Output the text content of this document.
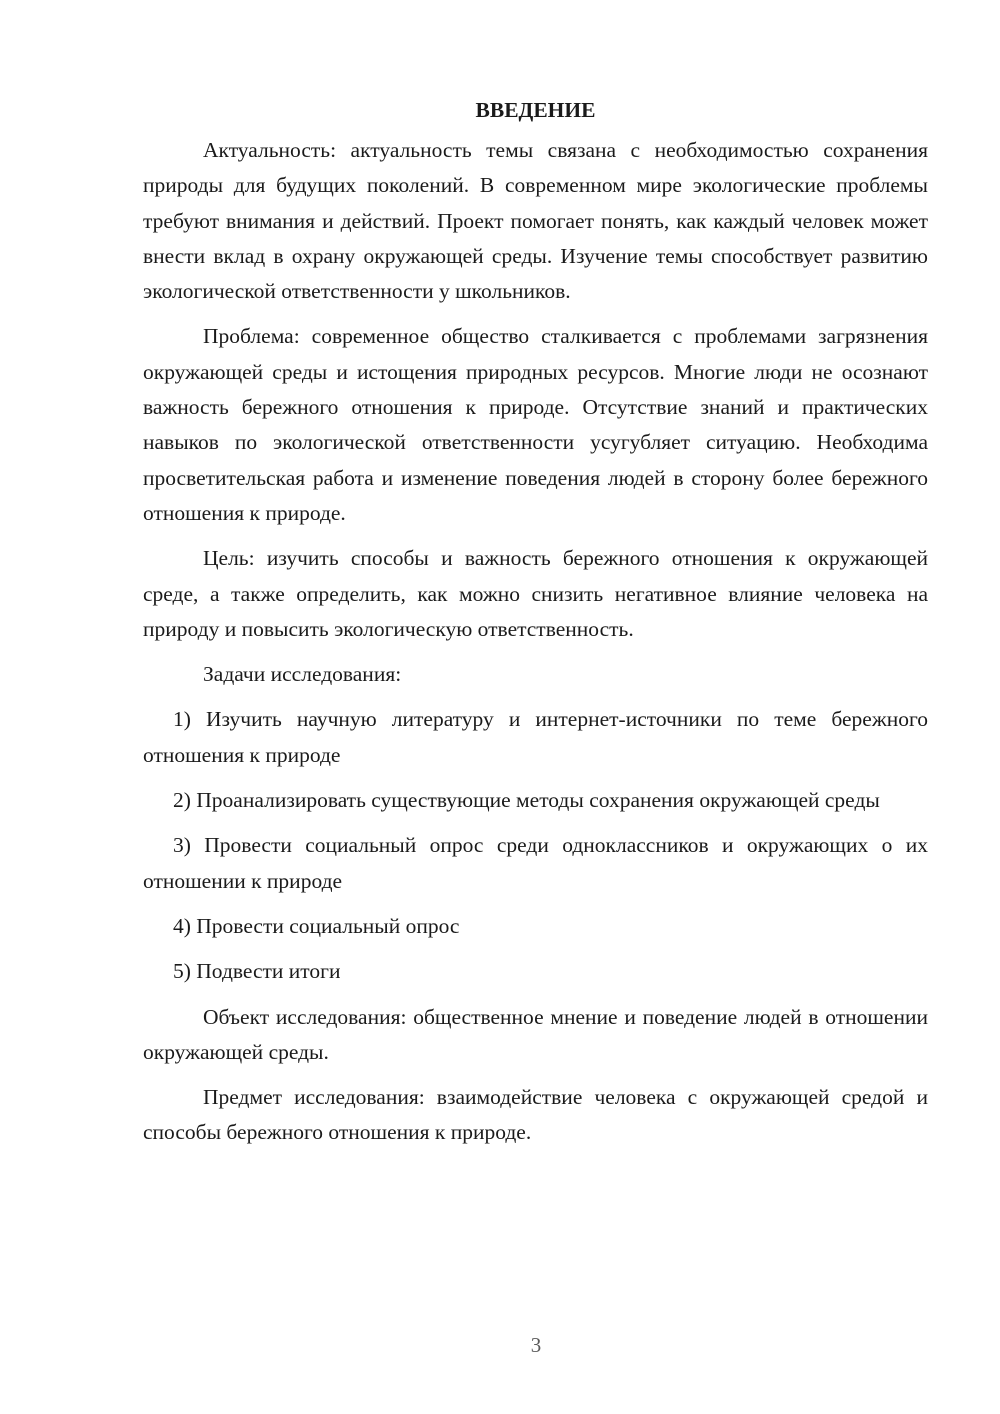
ВВЕДЕНИЕ

Актуальность: актуальность темы связана с необходимостью сохранения природы для будущих поколений. В современном мире экологические проблемы требуют внимания и действий. Проект помогает понять, как каждый человек может внести вклад в охрану окружающей среды. Изучение темы способствует развитию экологической ответственности у школьников.

Проблема: современное общество сталкивается с проблемами загрязнения окружающей среды и истощения природных ресурсов. Многие люди не осознают важность бережного отношения к природе. Отсутствие знаний и практических навыков по экологической ответственности усугубляет ситуацию. Необходима просветительская работа и изменение поведения людей в сторону более бережного отношения к природе.

Цель: изучить способы и важность бережного отношения к окружающей среде, а также определить, как можно снизить негативное влияние человека на природу и повысить экологическую ответственность.

Задачи исследования:

1) Изучить научную литературу и интернет-источники по теме бережного отношения к природе

2) Проанализировать существующие методы сохранения окружающей среды

3) Провести социальный опрос среди одноклассников и окружающих о их отношении к природе

4) Провести социальный опрос

5) Подвести итоги

Объект исследования: общественное мнение и поведение людей в отношении окружающей среды.

Предмет исследования: взаимодействие человека с окружающей средой и способы бережного отношения к природе.

3
